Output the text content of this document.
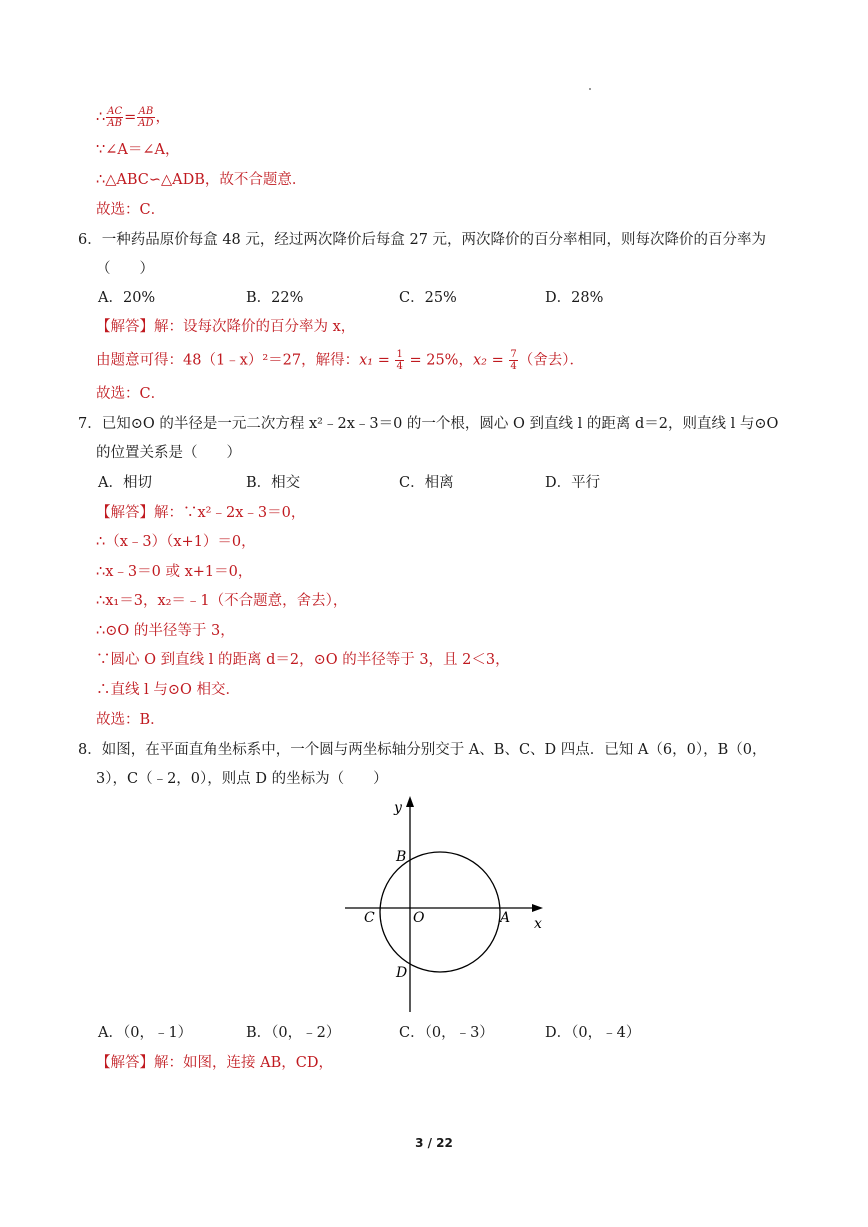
∴ $\frac{AC}{AB} = \frac{AB}{AD}$ ，
∵∠A＝∠A，
∴△ABC∽△ADB，故不合题意．
故选：C．
6．一种药品原价每盒 48 元，经过两次降价后每盒 27 元，两次降价的百分率相同，则每次降价的百分率为
（　　）
A．20%	B．22%	C．25%	D．28%
【解答】解：设每次降价的百分率为 x，
由题意可得：48（1﹣x）²＝27，解得：$x_1 = \frac{1}{4} = 25\%$，$x_2 = \frac{7}{4}$ （舍去）．
故选：C．
7．已知⊙O 的半径是一元二次方程 x²﹣2x﹣3＝0 的一个根，圆心 O 到直线 l 的距离 d＝2，则直线 l 与⊙O
的位置关系是（　　）
A．相切	B．相交	C．相离	D．平行
【解答】解：∵x²﹣2x﹣3＝0，
∴（x﹣3）（x+1）＝0，
∴x﹣3＝0 或 x+1＝0，
∴x₁＝3，x₂＝﹣1（不合题意，舍去），
∴⊙O 的半径等于 3，
∵圆心 O 到直线 l 的距离 d＝2，⊙O 的半径等于 3，且 2＜3，
∴直线 l 与⊙O 相交．
故选：B．
8．如图，在平面直角坐标系中，一个圆与两坐标轴分别交于 A、B、C、D 四点．已知 A（6，0），B（0，
3），C（﹣2，0），则点 D 的坐标为（　　）
y
x
B
C	O	A
D
A．（0，﹣1）	B．（0，﹣2）	C．（0，﹣3）	D．（0，﹣4）
【解答】解：如图，连接 AB，CD，
3 / 22
